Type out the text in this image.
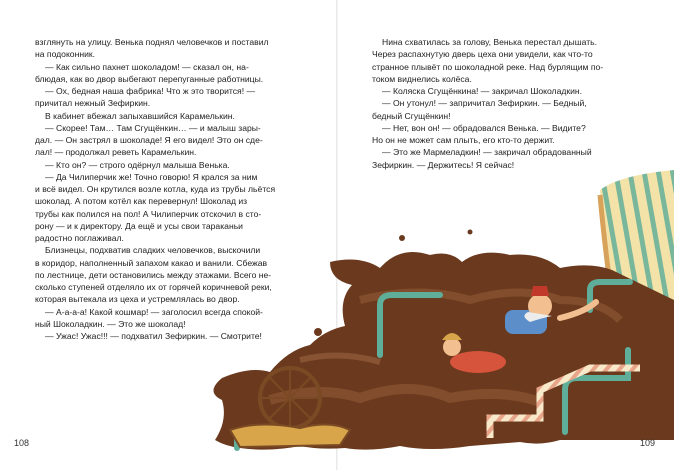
взглянуть на улицу. Венька поднял человечков и поставил

на подоконник.

— Как сильно пахнет шоколадом! — сказал он, на-

блюдая, как во двор выбегают перепуганные работницы.

— Ох, бедная наша фабрика! Что ж это творится! —

причитал нежный Зефиркин.

В кабинет вбежал запыхавшийся Карамелькин.

— Скорее! Там… Там Сгущёнкин… — и малыш зары-

дал. — Он застрял в шоколаде! Я его видел! Это он сде-

лал! — продолжал реветь Карамелькин.

— Кто он? — строго одёрнул малыша Венька.

— Да Чилиперчик же! Точно говорю! Я крался за ним

и всё видел. Он крутился возле котла, куда из трубы льётся

шоколад. А потом котёл как перевернул! Шоколад из

трубы как полился на пол! А Чилиперчик отскочил в сто-

рону — и к директору. Да ещё и усы свои тараканьи

радостно поглаживал.

Близнецы, подхватив сладких человечков, выскочили

в коридор, наполненный запахом какао и ванили. Сбежав

по лестнице, дети остановились между этажами. Всего не-

сколько ступеней отделяло их от горячей коричневой реки,

которая вытекала из цеха и устремлялась во двор.

— А-а-а-а! Какой кошмар! — заголосил всегда спокой-

ный Шоколадкин. — Это же шоколад!

— Ужас! Ужас!!! — подхватил Зефиркин. — Смотрите!

Нина схватилась за голову, Венька перестал дышать.

Через распахнутую дверь цеха они увидели, как что-то

странное плывёт по шоколадной реке. Над бурлящим по-

током виднелись колёса.

— Коляска Сгущёнкина! — закричал Шоколадкин.

— Он утонул! — запричитал Зефиркин. — Бедный,

бедный Сгущёнкин!

— Нет, вон он! — обрадовался Венька. — Видите?

Но он не может сам плыть, его кто-то держит.

— Это же Мармеладкин! — закричал обрадованный

Зефиркин. — Держитесь! Я сейчас!

108	109
